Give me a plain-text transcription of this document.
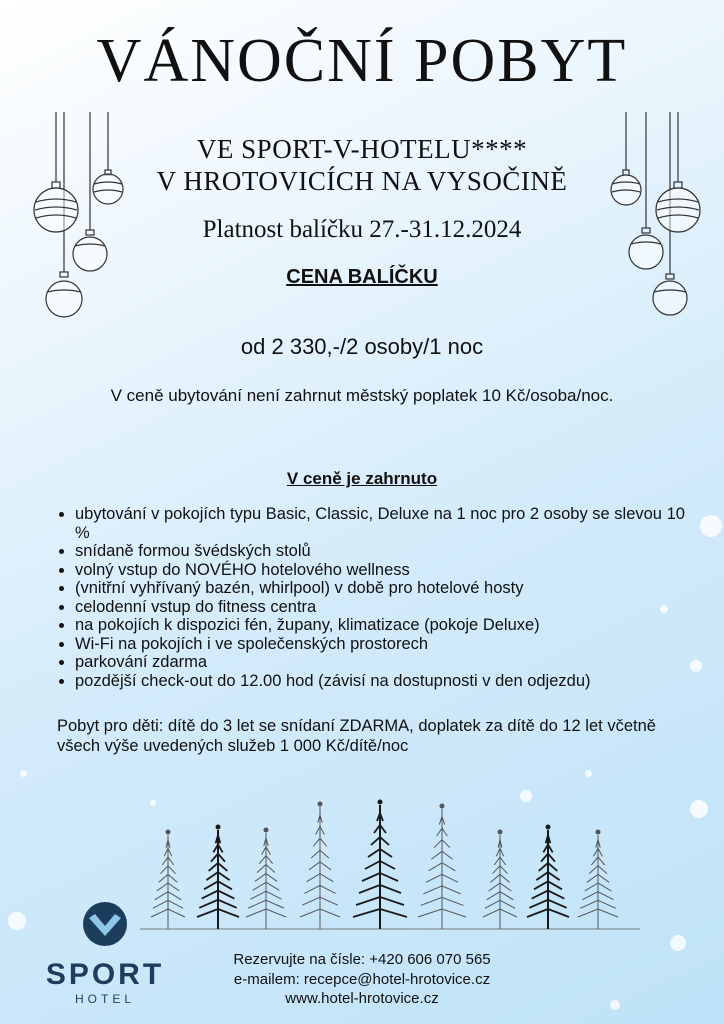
VÁNOČNÍ POBYT
VE SPORT-V-HOTELU****
V HROTOVICÍCH NA VYSOČINĚ
Platnost balíčku 27.-31.12.2024
CENA BALÍČKU
od 2 330,-/2 osoby/1 noc
V ceně ubytování není zahrnut městský poplatek 10 Kč/osoba/noc.
V ceně je zahrnuto
• ubytování v pokojích typu Basic, Classic, Deluxe na 1 noc pro 2 osoby se slevou 10 %
• snídaně formou švédských stolů
• volný vstup do NOVÉHO hotelového wellness
• (vnitřní vyhřívaný bazén, whirlpool) v době pro hotelové hosty
• celodenní vstup do fitness centra
• na pokojích k dispozici fén, župany, klimatizace (pokoje Deluxe)
• Wi-Fi na pokojích i ve společenských prostorech
• parkování zdarma
• pozdější check-out do 12.00 hod (závisí na dostupnosti v den odjezdu)
Pobyt pro děti: dítě do 3 let se snídaní ZDARMA, doplatek za dítě do 12 let včetně všech výše uvedených služeb 1 000 Kč/dítě/noc
SPORT
HOTEL
Rezervujte na čísle: +420 606 070 565
e-mailem: recepce@hotel-hrotovice.cz
www.hotel-hrotovice.cz
